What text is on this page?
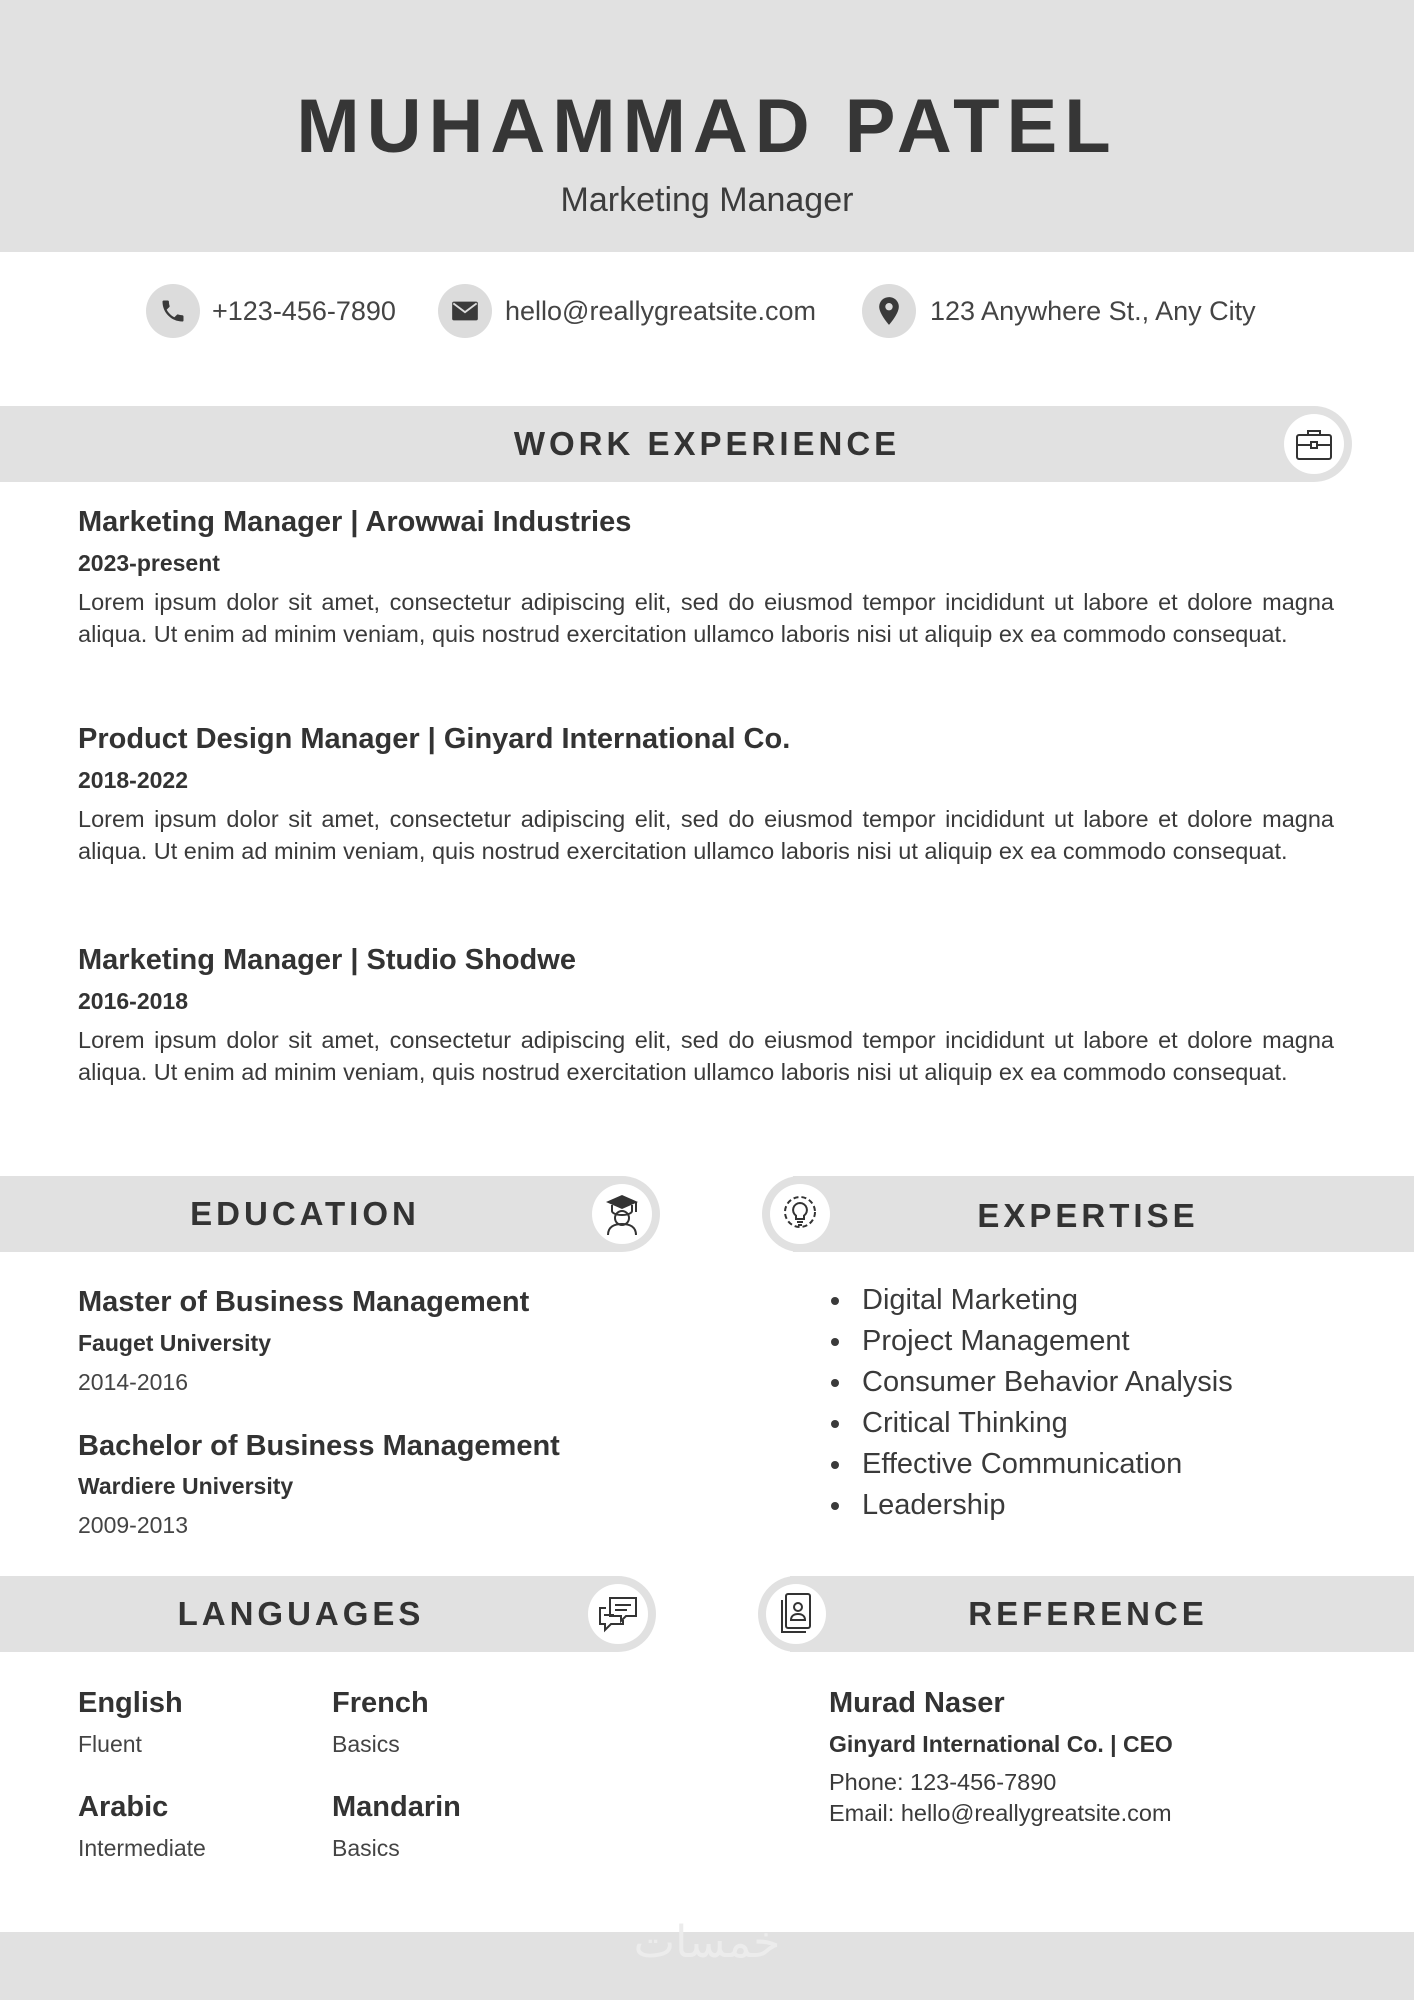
MUHAMMAD PATEL
Marketing Manager
+123-456-7890	hello@reallygreatsite.com	123 Anywhere St., Any City
WORK EXPERIENCE
Marketing Manager | Arowwai Industries
2023-present
Lorem ipsum dolor sit amet, consectetur adipiscing elit, sed do eiusmod tempor incididunt ut labore et dolore magna aliqua. Ut enim ad minim veniam, quis nostrud exercitation ullamco laboris nisi ut aliquip ex ea commodo consequat.
Product Design Manager | Ginyard International Co.
2018-2022
Lorem ipsum dolor sit amet, consectetur adipiscing elit, sed do eiusmod tempor incididunt ut labore et dolore magna aliqua. Ut enim ad minim veniam, quis nostrud exercitation ullamco laboris nisi ut aliquip ex ea commodo consequat.
Marketing Manager | Studio Shodwe
2016-2018
Lorem ipsum dolor sit amet, consectetur adipiscing elit, sed do eiusmod tempor incididunt ut labore et dolore magna aliqua. Ut enim ad minim veniam, quis nostrud exercitation ullamco laboris nisi ut aliquip ex ea commodo consequat.
EDUCATION
Master of Business Management
Fauget University
2014-2016
Bachelor of Business Management
Wardiere University
2009-2013
EXPERTISE
• Digital Marketing
• Project Management
• Consumer Behavior Analysis
• Critical Thinking
• Effective Communication
• Leadership
LANGUAGES
English
Fluent
French
Basics
Arabic
Intermediate
Mandarin
Basics
REFERENCE
Murad Naser
Ginyard International Co. | CEO
Phone: 123-456-7890
Email: hello@reallygreatsite.com
خمسات
